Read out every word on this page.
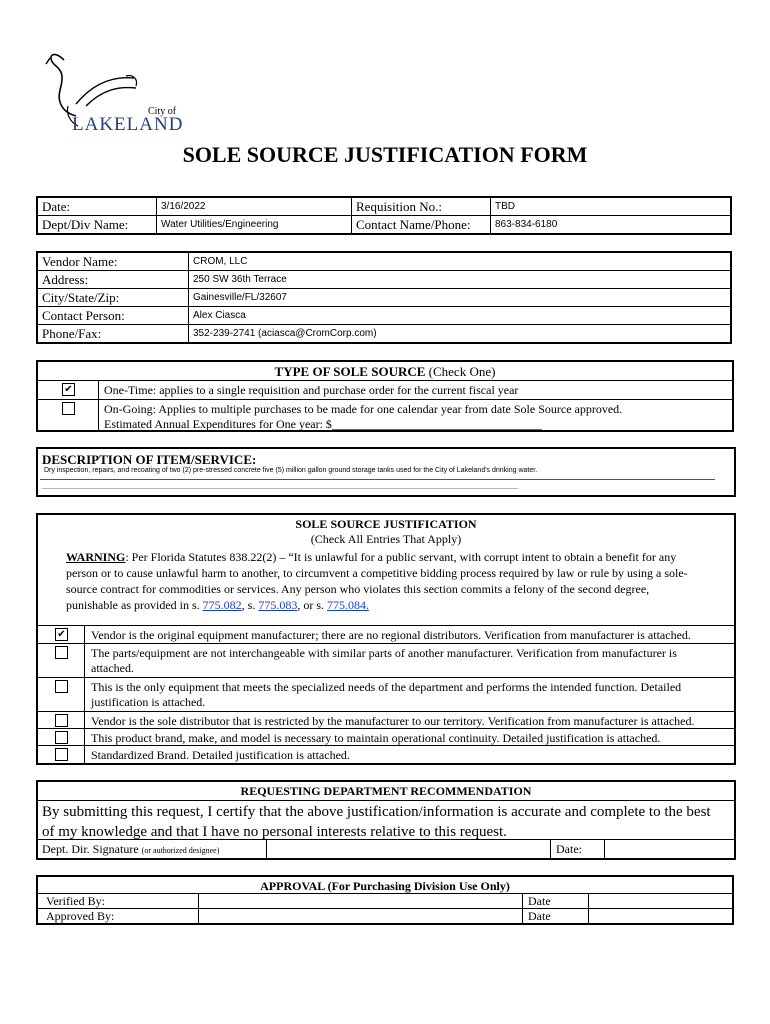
City of
LAKELAND
SOLE SOURCE JUSTIFICATION FORM
Date:	3/16/2022	Requisition No.:	TBD
Dept/Div Name:	Water Utilities/Engineering	Contact Name/Phone:	863-834-6180
Vendor Name:	CROM, LLC
Address:	250 SW 36th Terrace
City/State/Zip:	Gainesville/FL/32607
Contact Person:	Alex Ciasca
Phone/Fax:	352-239-2741 (aciasca@CromCorp.com)
TYPE OF SOLE SOURCE (Check One)
✔	One-Time: applies to a single requisition and purchase order for the current fiscal year
On-Going: Applies to multiple purchases to be made for one calendar year from date Sole Source approved.
Estimated Annual Expenditures for One year: $___________________________________
DESCRIPTION OF ITEM/SERVICE:
Dry inspection, repairs, and recoating of two (2) pre-stressed concrete five (5) million gallon ground storage tanks used for the City of Lakeland's drinking water.
_______________________________________________________________________________________________________________________
SOLE SOURCE JUSTIFICATION
(Check All Entries That Apply)
WARNING: Per Florida Statutes 838.22(2) – “It is unlawful for a public servant, with corrupt intent to obtain a benefit for any
person or to cause unlawful harm to another, to circumvent a competitive bidding process required by law or rule by using a sole-
source contract for commodities or services. Any person who violates this section commits a felony of the second degree,
punishable as provided in s. 775.082, s. 775.083, or s. 775.084.
✔ Vendor is the original equipment manufacturer; there are no regional distributors. Verification from manufacturer is attached.
The parts/equipment are not interchangeable with similar parts of another manufacturer. Verification from manufacturer is
attached.
This is the only equipment that meets the specialized needs of the department and performs the intended function. Detailed
justification is attached.
Vendor is the sole distributor that is restricted by the manufacturer to our territory. Verification from manufacturer is attached.
This product brand, make, and model is necessary to maintain operational continuity. Detailed justification is attached.
Standardized Brand. Detailed justification is attached.
REQUESTING DEPARTMENT RECOMMENDATION
By submitting this request, I certify that the above justification/information is accurate and complete to the best
of my knowledge and that I have no personal interests relative to this request.
Dept. Dir. Signature (or authorized designee)	Date:
APPROVAL (For Purchasing Division Use Only)
Verified By:	Date
Approved By:	Date
